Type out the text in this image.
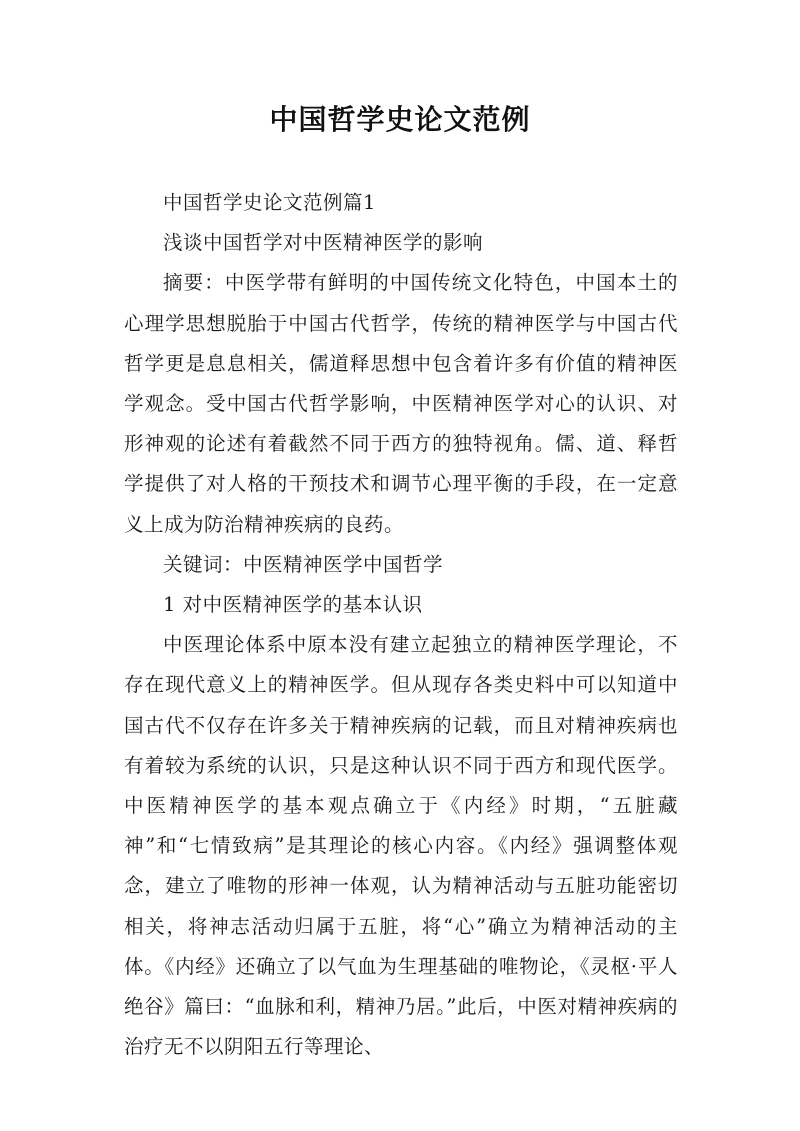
中国哲学史论文范例

中国哲学史论文范例篇1

浅谈中国哲学对中医精神医学的影响

摘要：中医学带有鲜明的中国传统文化特色，中国本土的心理学思想脱胎于中国古代哲学，传统的精神医学与中国古代哲学更是息息相关，儒道释思想中包含着许多有价值的精神医学观念。受中国古代哲学影响，中医精神医学对心的认识、对形神观的论述有着截然不同于西方的独特视角。儒、道、释哲学提供了对人格的干预技术和调节心理平衡的手段，在一定意义上成为防治精神疾病的良药。

关键词：中医精神医学中国哲学

1 对中医精神医学的基本认识

中医理论体系中原本没有建立起独立的精神医学理论，不存在现代意义上的精神医学。但从现存各类史料中可以知道中国古代不仅存在许多关于精神疾病的记载，而且对精神疾病也有着较为系统的认识，只是这种认识不同于西方和现代医学。中医精神医学的基本观点确立于《内经》时期，“五脏藏神”和“七情致病”是其理论的核心内容。《内经》强调整体观念，建立了唯物的形神一体观，认为精神活动与五脏功能密切相关，将神志活动归属于五脏，将“心”确立为精神活动的主体。《内经》还确立了以气血为生理基础的唯物论，《灵枢·平人绝谷》篇曰：“血脉和利，精神乃居。”此后，中医对精神疾病的治疗无不以阴阳五行等理论、
